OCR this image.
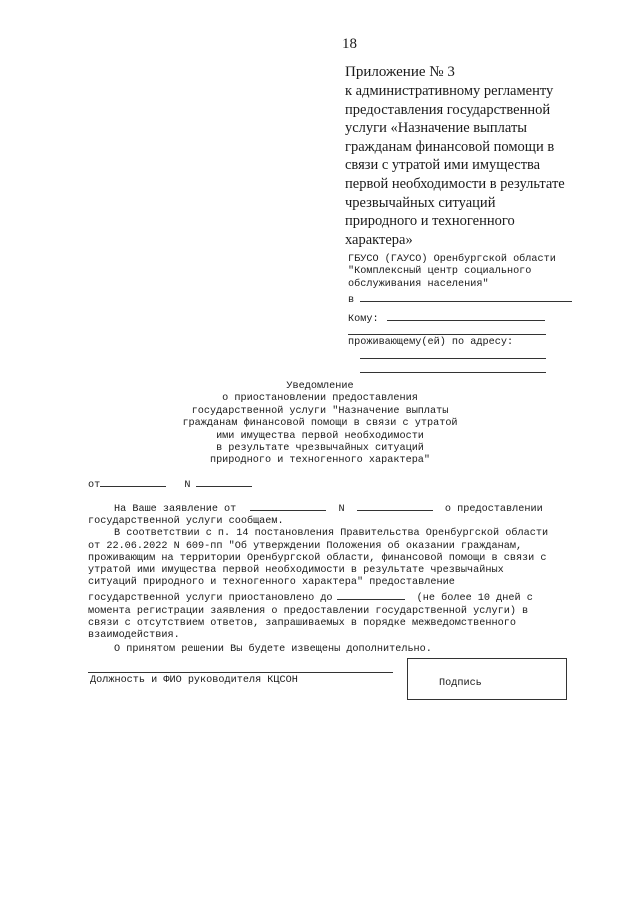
18
Приложение № 3
к административному регламенту
предоставления государственной
услуги «Назначение выплаты
гражданам финансовой помощи в
связи с утратой ими имущества
первой необходимости в результате
чрезвычайных ситуаций
природного и техногенного
характера»
ГБУСО (ГАУСО) Оренбургской области
"Комплексный центр социального
обслуживания населения"
в
Кому:
проживающему(ей) по адресу:
Уведомление
о приостановлении предоставления
государственной услуги "Назначение выплаты
гражданам финансовой помощи в связи с утратой
ими имущества первой необходимости
в результате чрезвычайных ситуаций
природного и техногенного характера"
от	N
На Ваше заявление от	N	о предоставлении
государственной услуги сообщаем.
В соответствии с п. 14 постановления Правительства Оренбургской области
от 22.06.2022 N 609-пп "Об утверждении Положения об оказании гражданам,
проживающим на территории Оренбургской области, финансовой помощи в связи с
утратой ими имущества первой необходимости в результате чрезвычайных
ситуаций природного и техногенного характера" предоставление
государственной услуги приостановлено до	(не более 10 дней с
момента регистрации заявления о предоставлении государственной услуги) в
связи с отсутствием ответов, запрашиваемых в порядке межведомственного
взаимодействия.
О принятом решении Вы будете извещены дополнительно.
Должность и ФИО руководителя КЦСОН	Подпись
